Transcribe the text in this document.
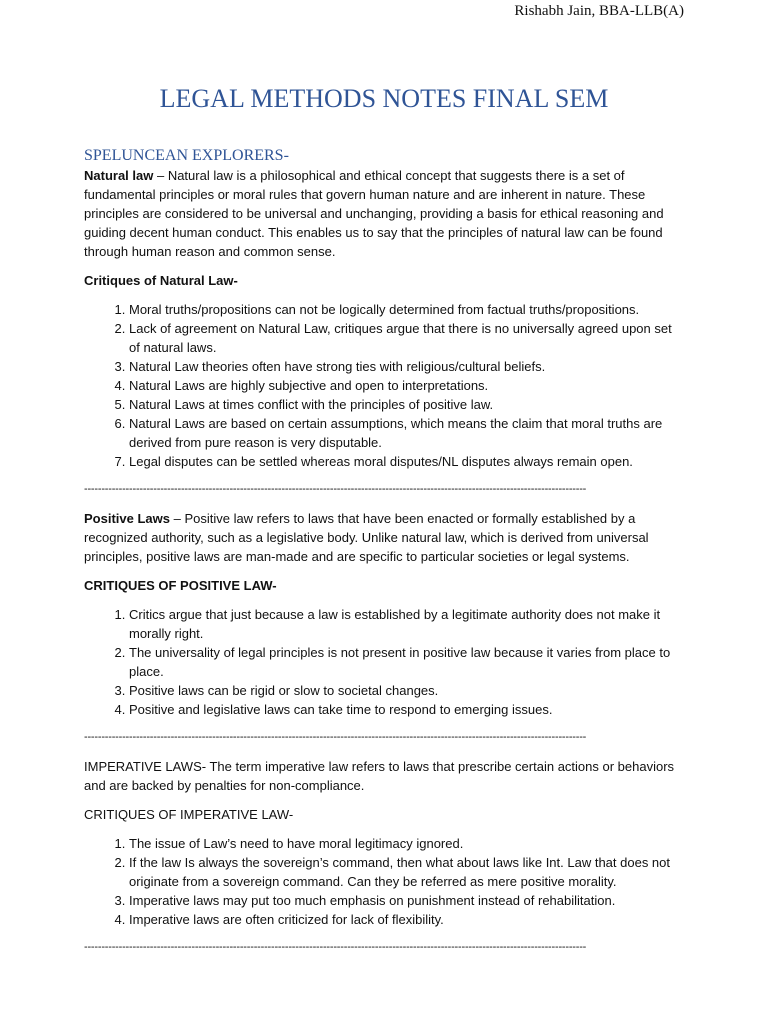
Rishabh Jain, BBA-LLB(A)
LEGAL METHODS NOTES FINAL SEM

SPELUNCEAN EXPLORERS-

Natural law – Natural law is a philosophical and ethical concept that suggests there is a set of fundamental principles or moral rules that govern human nature and are inherent in nature. These principles are considered to be universal and unchanging, providing a basis for ethical reasoning and guiding decent human conduct. This enables us to say that the principles of natural law can be found through human reason and common sense.

Critiques of Natural Law-

1. Moral truths/propositions can not be logically determined from factual truths/propositions.
2. Lack of agreement on Natural Law, critiques argue that there is no universally agreed upon set of natural laws.
3. Natural Law theories often have strong ties with religious/cultural beliefs.
4. Natural Laws are highly subjective and open to interpretations.
5. Natural Laws at times conflict with the principles of positive law.
6. Natural Laws are based on certain assumptions, which means the claim that moral truths are derived from pure reason is very disputable.
7. Legal disputes can be settled whereas moral disputes/NL disputes always remain open.
-------------------------------------------------------------------------------------------------------------------------------------------------

Positive Laws – Positive law refers to laws that have been enacted or formally established by a recognized authority, such as a legislative body. Unlike natural law, which is derived from universal principles, positive laws are man-made and are specific to particular societies or legal systems.

CRITIQUES OF POSITIVE LAW-

1. Critics argue that just because a law is established by a legitimate authority does not make it morally right.
2. The universality of legal principles is not present in positive law because it varies from place to place.
3. Positive laws can be rigid or slow to societal changes.
4. Positive and legislative laws can take time to respond to emerging issues.
-------------------------------------------------------------------------------------------------------------------------------------------------

IMPERATIVE LAWS- The term imperative law refers to laws that prescribe certain actions or behaviors and are backed by penalties for non-compliance.

CRITIQUES OF IMPERATIVE LAW-

1. The issue of Law’s need to have moral legitimacy ignored.
2. If the law Is always the sovereign’s command, then what about laws like Int. Law that does not originate from a sovereign command. Can they be referred as mere positive morality.
3. Imperative laws may put too much emphasis on punishment instead of rehabilitation.
4. Imperative laws are often criticized for lack of flexibility.
-------------------------------------------------------------------------------------------------------------------------------------------------
